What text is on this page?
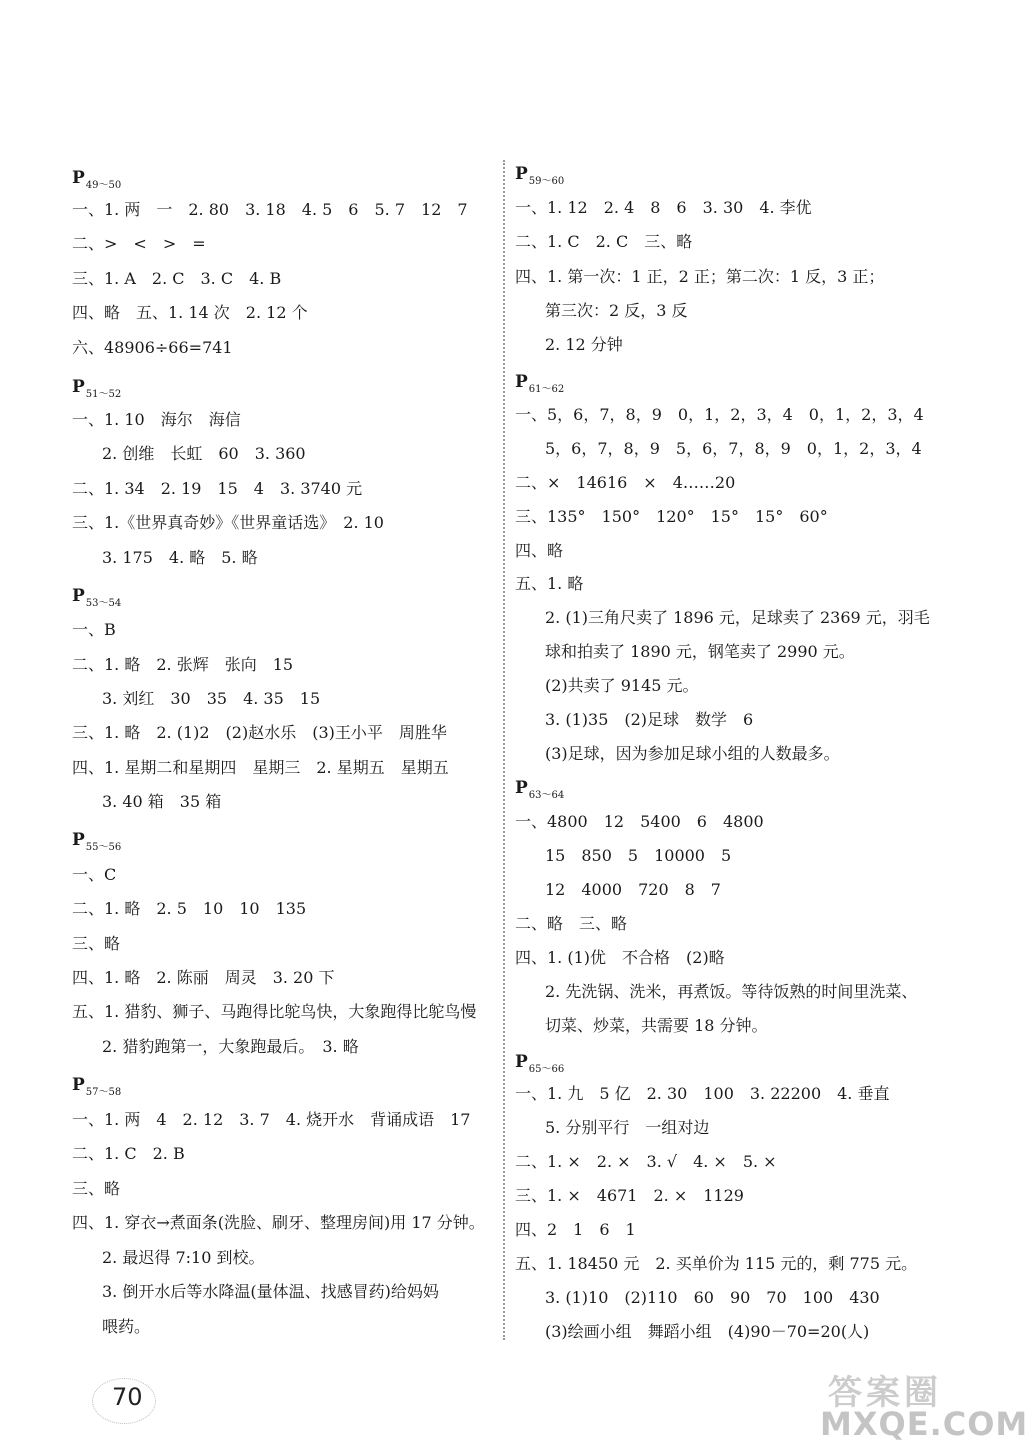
$P_{49\sim 50}$
一、1. 两　一　2. 80　3. 18　4. 5　6　5. 7　12　7
二、>　<　>　=
三、1. A　2. C　3. C　4. B
四、略　五、1. 14 次　2. 12 个
六、48906÷66=741
$P_{51\sim 52}$
一、1. 10　海尔　海信
2. 创维　长虹　60　3. 360
二、1. 34　2. 19　15　4　3. 3740 元
三、1.《世界真奇妙》《世界童话选》　2. 10
3. 175　4. 略　5. 略
$P_{53\sim 54}$
一、B
二、1. 略　2. 张辉　张向　15
3. 刘红　30　35　4. 35　15
三、1. 略　2. (1)2　(2)赵水乐　(3)王小平　周胜华
四、1. 星期二和星期四　星期三　2. 星期五　星期五
3. 40 箱　35 箱
$P_{55\sim 56}$
一、C
二、1. 略　2. 5　10　10　135
三、略
四、1. 略　2. 陈丽　周灵　3. 20 下
五、1. 猎豹、狮子、马跑得比鸵鸟快，大象跑得比鸵鸟慢
2. 猎豹跑第一，大象跑最后。　3. 略
$P_{57\sim 58}$
一、1. 两　4　2. 12　3. 7　4. 烧开水　背诵成语　17
二、1. C　2. B
三、略
四、1. 穿衣→煮面条(洗脸、刷牙、整理房间)用 17 分钟。
2. 最迟得 7:10 到校。
3. 倒开水后等水降温(量体温、找感冒药)给妈妈
喂药。
$P_{59\sim 60}$
一、1. 12　2. 4　8　6　3. 30　4. 李优
二、1. C　2. C　三、略
四、1. 第一次：1 正，2 正；第二次：1 反，3 正；
第三次：2 反，3 反
2. 12 分钟
$P_{61\sim 62}$
一、5，6，7，8，9　0，1，2，3，4　0，1，2，3，4
5，6，7，8，9　5，6，7，8，9　0，1，2，3，4
二、×　14616　×　4……20
三、135°　150°　120°　15°　15°　60°
四、略
五、1. 略
2. (1)三角尺卖了 1896 元，足球卖了 2369 元，羽毛
球和拍卖了 1890 元，钢笔卖了 2990 元。
(2)共卖了 9145 元。
3. (1)35　(2)足球　数学　6
(3)足球，因为参加足球小组的人数最多。
$P_{63\sim 64}$
一、4800　12　5400　6　4800
15　850　5　10000　5
12　4000　720　8　7
二、略　三、略
四、1. (1)优　不合格　(2)略
2. 先洗锅、洗米，再煮饭。等待饭熟的时间里洗菜、
切菜、炒菜，共需要 18 分钟。
$P_{65\sim 66}$
一、1. 九　5 亿　2. 30　100　3. 22200　4. 垂直
5. 分别平行　一组对边
二、1. ×　2. ×　3. √　4. ×　5. ×
三、1. ×　4671　2. ×　1129
四、2　1　6　1
五、1. 18450 元　2. 买单价为 115 元的，剩 775 元。
3. (1)10　(2)110　60　90　70　100　430
(3)绘画小组　舞蹈小组　(4)90－70=20(人)
70	答案圈
MXQE.COM
